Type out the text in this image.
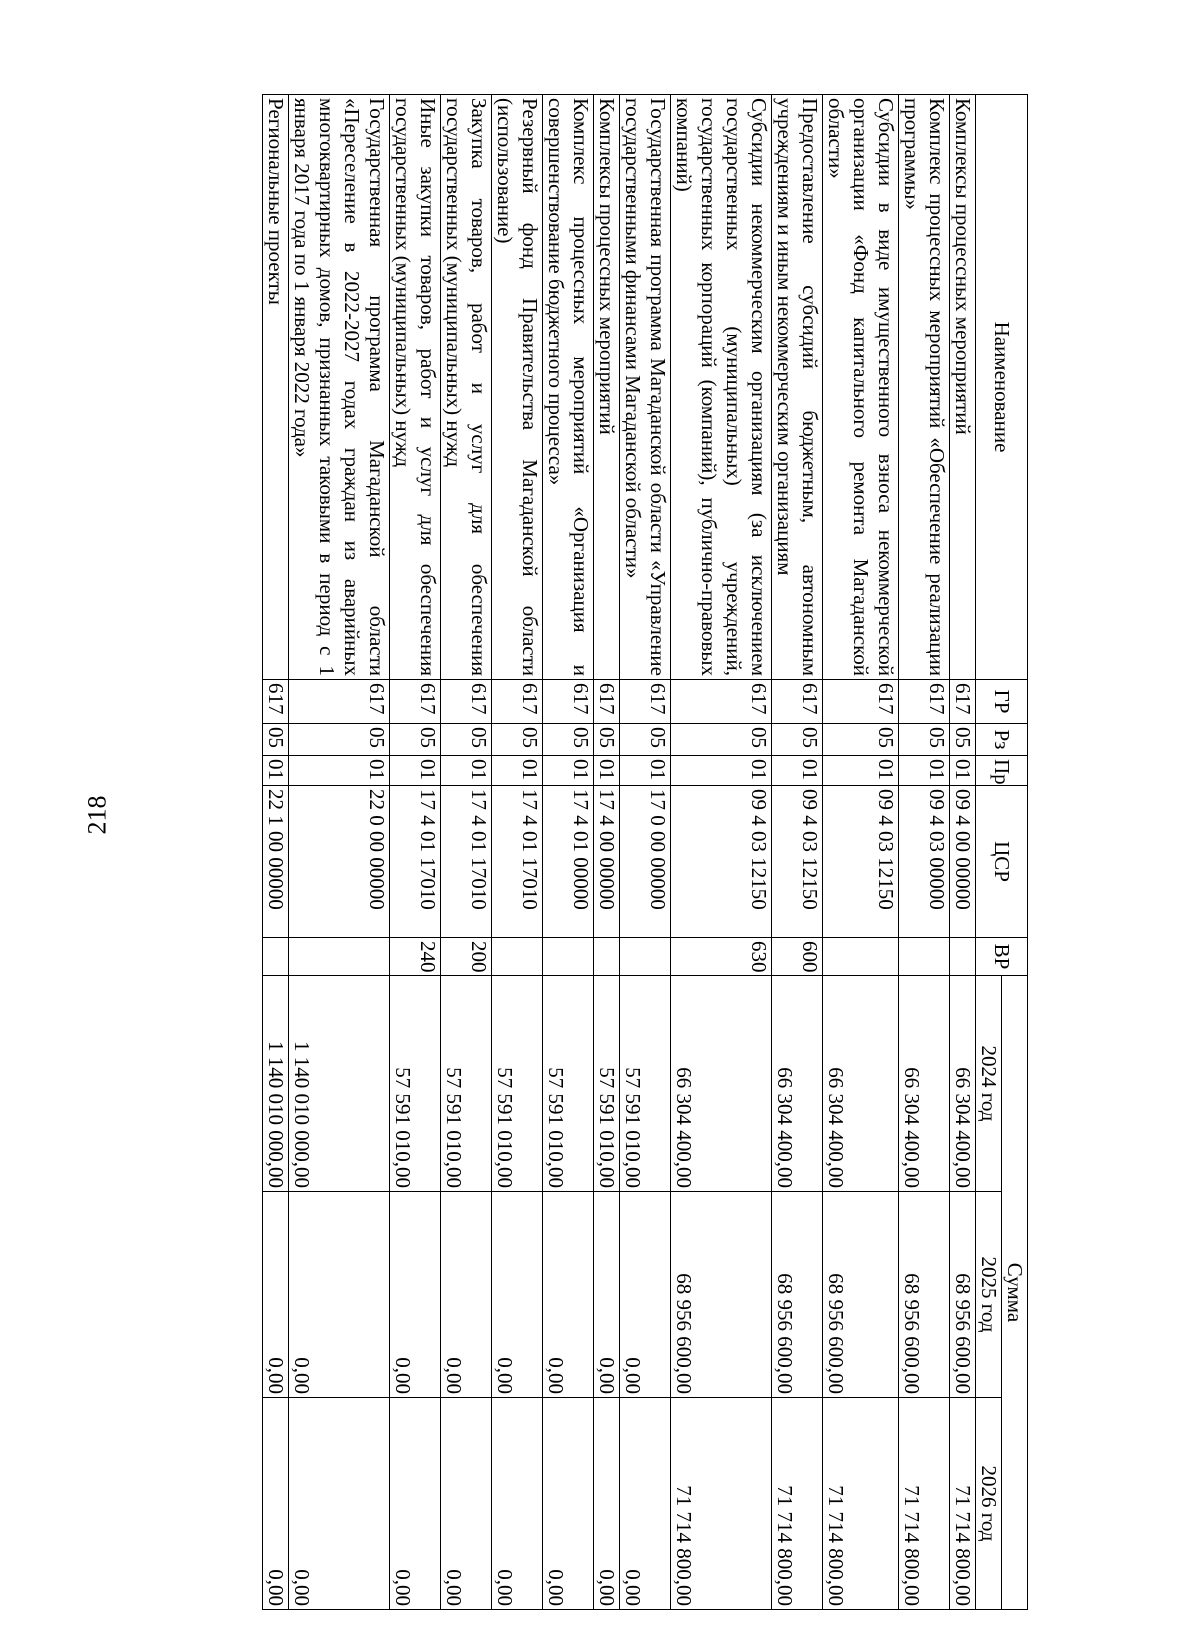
218
Наименование	ГР	Рз	Пр	ЦСР	ВР	Сумма		
						2024 год	2025 год	2026 год
Комплексы процессных мероприятий	617	05	01	09 4 00 00000		66 304 400,00	68 956 600,00	71 714 800,00
Комплекс процессных мероприятий «Обеспечение реализации программы»	617	05	01	09 4 03 00000		66 304 400,00	68 956 600,00	71 714 800,00
Субсидии в виде имущественного взноса некоммерческой организации «Фонд капитального ремонта Магаданской области»	617	05	01	09 4 03 12150		66 304 400,00	68 956 600,00	71 714 800,00
Предоставление субсидий бюджетным, автономным учреждениям и иным некоммерческим организациям	617	05	01	09 4 03 12150	600	66 304 400,00	68 956 600,00	71 714 800,00
Субсидии некоммерческим организациям (за исключением государственных (муниципальных) учреждений, государственных корпораций (компаний), публично-правовых компаний)	617	05	01	09 4 03 12150	630	66 304 400,00	68 956 600,00	71 714 800,00
Государственная программа Магаданской области «Управление государственными финансами Магаданской области»	617	05	01	17 0 00 00000		57 591 010,00	0,00	0,00
Комплексы процессных мероприятий	617	05	01	17 4 00 00000		57 591 010,00	0,00	0,00
Комплекс процессных мероприятий «Организация и совершенствование бюджетного процесса»	617	05	01	17 4 01 00000		57 591 010,00	0,00	0,00
Резервный фонд Правительства Магаданской области (использование)	617	05	01	17 4 01 17010		57 591 010,00	0,00	0,00
Закупка товаров, работ и услуг для обеспечения государственных (муниципальных) нужд	617	05	01	17 4 01 17010	200	57 591 010,00	0,00	0,00
Иные закупки товаров, работ и услуг для обеспечения государственных (муниципальных) нужд	617	05	01	17 4 01 17010	240	57 591 010,00	0,00	0,00
Государственная программа Магаданской области «Переселение в 2022-2027 годах граждан из аварийных многоквартирных домов, признанных таковыми в период с 1 января 2017 года по 1 января 2022 года»	617	05	01	22 0 00 00000		1 140 010 000,00	0,00	0,00
Региональные проекты	617	05	01	22 1 00 00000		1 140 010 000,00	0,00	0,00
